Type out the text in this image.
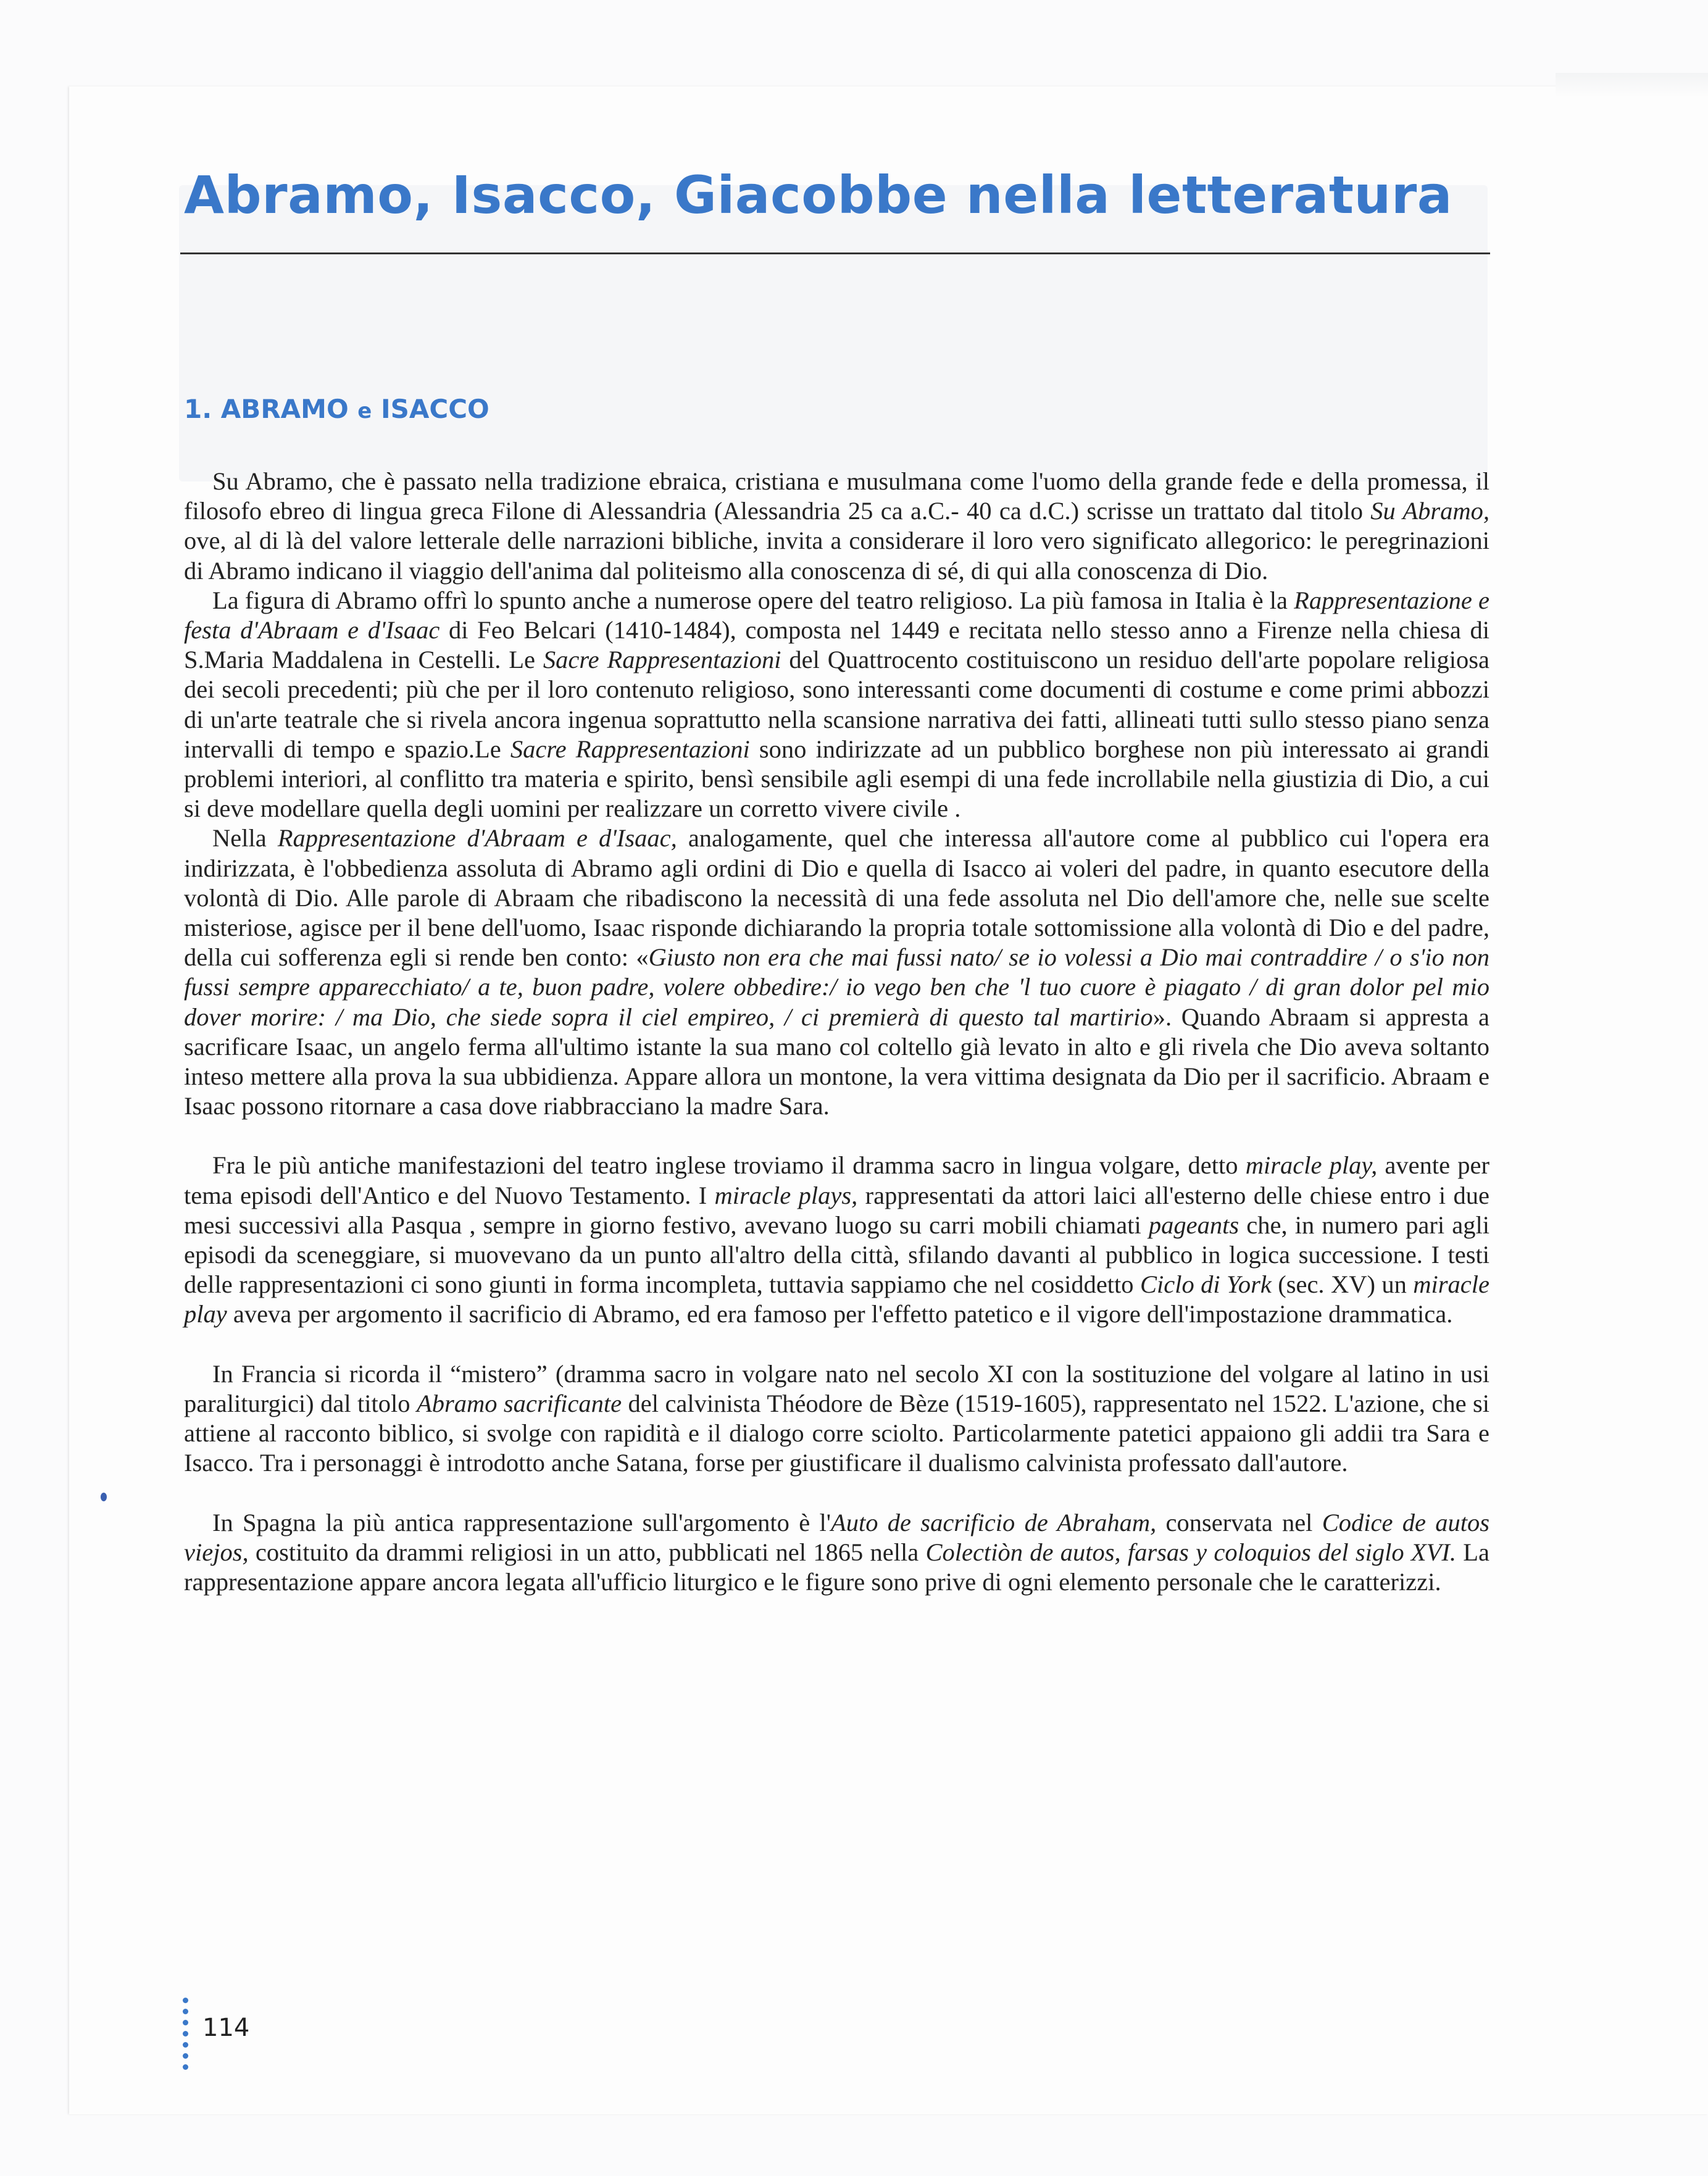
Abramo, Isacco, Giacobbe nella letteratura
1. ABRAMO e ISACCO

Su Abramo, che è passato nella tradizione ebraica, cristiana e musulmana come l'uomo della grande fede e della promessa, il filosofo ebreo di lingua greca Filone di Alessandria (Alessandria 25 ca a.C.- 40 ca d.C.) scrisse un trattato dal titolo Su Abramo, ove, al di là del valore letterale delle narrazioni bibliche, invita a considerare il loro vero significato allegorico: le peregrinazioni di Abramo indicano il viaggio dell'anima dal politeismo alla conoscenza di sé, di qui alla conoscenza di Dio.

La figura di Abramo offrì lo spunto anche a numerose opere del teatro religioso. La più famosa in Italia è la Rappresentazione e festa d'Abraam e d'Isaac di Feo Belcari (1410-1484), composta nel 1449 e recitata nello stesso anno a Firenze nella chiesa di S.Maria Maddalena in Cestelli. Le Sacre Rappresentazioni del Quattrocento costituiscono un residuo dell'arte popolare religiosa dei secoli precedenti; più che per il loro contenuto religioso, sono interessanti come documenti di costume e come primi abbozzi di un'arte teatrale che si rivela ancora ingenua soprattutto nella scansione narrativa dei fatti, allineati tutti sullo stesso piano senza intervalli di tempo e spazio.Le Sacre Rappresentazioni sono indirizzate ad un pubblico borghese non più interessato ai grandi problemi interiori, al conflitto tra materia e spirito, bensì sensibile agli esempi di una fede incrollabile nella giustizia di Dio, a cui si deve modellare quella degli uomini per realizzare un corretto vivere civile .

Nella Rappresentazione d'Abraam e d'Isaac, analogamente, quel che interessa all'autore come al pubblico cui l'opera era indirizzata, è l'obbedienza assoluta di Abramo agli ordini di Dio e quella di Isacco ai voleri del padre, in quanto esecutore della volontà di Dio. Alle parole di Abraam che ribadiscono la necessità di una fede assoluta nel Dio dell'amore che, nelle sue scelte misteriose, agisce per il bene dell'uomo, Isaac risponde dichiarando la propria totale sottomissione alla volontà di Dio e del padre, della cui sofferenza egli si rende ben conto: «Giusto non era che mai fussi nato/ se io volessi a Dio mai contraddire / o s'io non fussi sempre apparecchiato/ a te, buon padre, volere obbedire:/ io vego ben che 'l tuo cuore è piagato / di gran dolor pel mio dover morire: / ma Dio, che siede sopra il ciel empireo, / ci premierà di questo tal martirio». Quando Abraam si appresta a sacrificare Isaac, un angelo ferma all'ultimo istante la sua mano col coltello già levato in alto e gli rivela che Dio aveva soltanto inteso mettere alla prova la sua ubbidienza. Appare allora un montone, la vera vittima designata da Dio per il sacrificio. Abraam e Isaac possono ritornare a casa dove riabbracciano la madre Sara.

Fra le più antiche manifestazioni del teatro inglese troviamo il dramma sacro in lingua volgare, detto miracle play, avente per tema episodi dell'Antico e del Nuovo Testamento. I miracle plays, rappresentati da attori laici all'esterno delle chiese entro i due mesi successivi alla Pasqua , sempre in giorno festivo, avevano luogo su carri mobili chiamati pageants che, in numero pari agli episodi da sceneggiare, si muovevano da un punto all'altro della città, sfilando davanti al pubblico in logica successione. I testi delle rappresentazioni ci sono giunti in forma incompleta, tuttavia sappiamo che nel cosiddetto Ciclo di York (sec. XV) un miracle play aveva per argomento il sacrificio di Abramo, ed era famoso per l'effetto patetico e il vigore dell'impostazione drammatica.

In Francia si ricorda il “mistero” (dramma sacro in volgare nato nel secolo XI con la sostituzione del volgare al latino in usi paraliturgici) dal titolo Abramo sacrificante del calvinista Théodore de Bèze (1519-1605), rappresentato nel 1522. L'azione, che si attiene al racconto biblico, si svolge con rapidità e il dialogo corre sciolto. Particolarmente patetici appaiono gli addii tra Sara e Isacco. Tra i personaggi è introdotto anche Satana, forse per giustificare il dualismo calvinista professato dall'autore.

In Spagna la più antica rappresentazione sull'argomento è l'Auto de sacrificio de Abraham, conservata nel Codice de autos viejos, costituito da drammi religiosi in un atto, pubblicati nel 1865 nella Colectiòn de autos, farsas y coloquios del siglo XVI. La rappresentazione appare ancora legata all'ufficio liturgico e le figure sono prive di ogni elemento personale che le caratterizzi.

114
